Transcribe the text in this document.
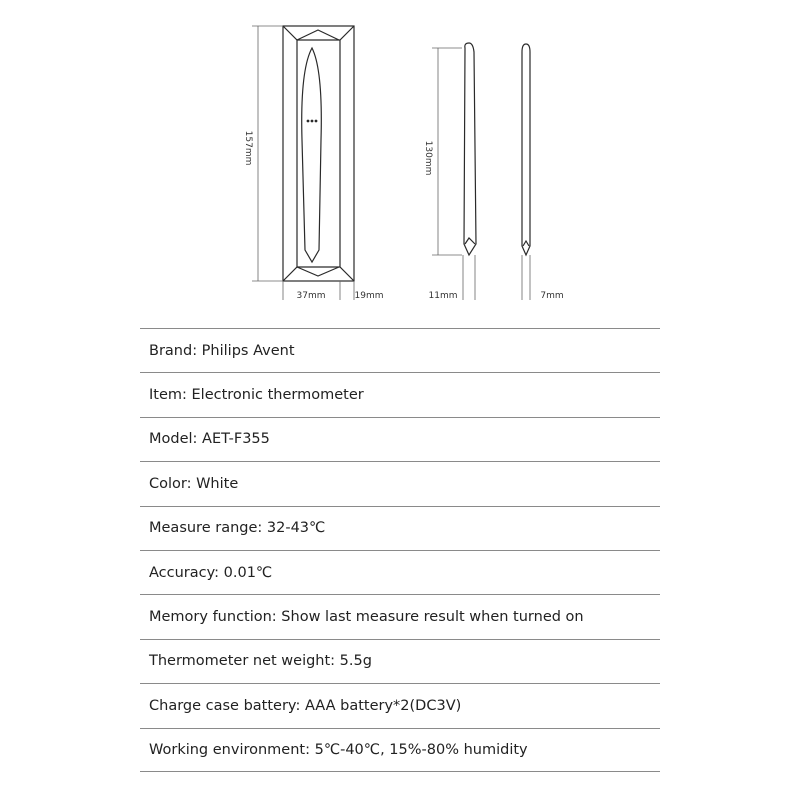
157mm
37mm	19mm
130mm
11mm	7mm
Brand: Philips Avent
Item: Electronic thermometer
Model: AET-F355
Color: White
Measure range: 32-43℃
Accuracy: 0.01℃
Memory function: Show last measure result when turned on
Thermometer net weight: 5.5g
Charge case battery: AAA battery*2(DC3V)
Working environment: 5℃-40℃, 15%-80% humidity
